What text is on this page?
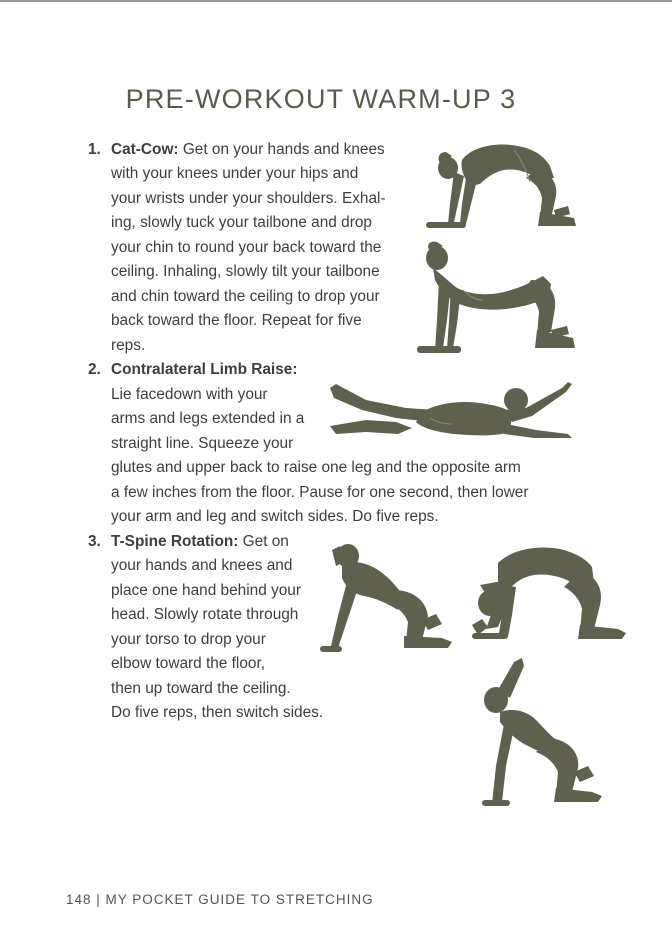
PRE-WORKOUT WARM-UP 3
1. Cat-Cow: Get on your hands and knees
with your knees under your hips and
your wrists under your shoulders. Exhal-
ing, slowly tuck your tailbone and drop
your chin to round your back toward the
ceiling. Inhaling, slowly tilt your tailbone
and chin toward the ceiling to drop your
back toward the floor. Repeat for five
reps.
2. Contralateral Limb Raise:
Lie facedown with your
arms and legs extended in a
straight line. Squeeze your
glutes and upper back to raise one leg and the opposite arm
a few inches from the floor. Pause for one second, then lower
your arm and leg and switch sides. Do five reps.
3. T-Spine Rotation: Get on
your hands and knees and
place one hand behind your
head. Slowly rotate through
your torso to drop your
elbow toward the floor,
then up toward the ceiling.
Do five reps, then switch sides.
148 | MY POCKET GUIDE TO STRETCHING
